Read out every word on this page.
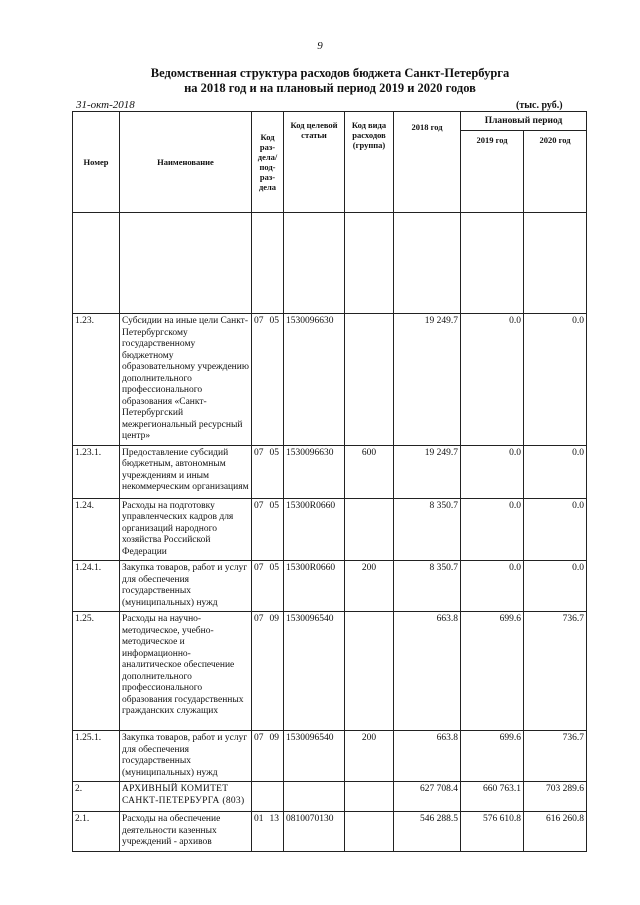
9
Ведомственная структура расходов бюджета Санкт-Петербурга
на 2018 год и на плановый период 2019 и 2020 годов
31-окт-2018	(тыс. руб.)
Номер	Наименование	Код раз- дела/ под- раз- дела	Код целевой статьи	Код вида расходов (группа)	2018 год	Плановый период	
						2019 год	2020 год

1.23.	Субсидии на иные цели Санкт-Петербургскому государственному бюджетному образовательному учреждению дополнительного профессионального образования «Санкт-Петербургский межрегиональный ресурсный центр»	07 05	1530096630		19 249.7	0.0	0.0
1.23.1.	Предоставление субсидий бюджетным, автономным учреждениям и иным некоммерческим организациям	07 05	1530096630	600	19 249.7	0.0	0.0
1.24.	Расходы на подготовку управленческих кадров для организаций народного хозяйства Российской Федерации	07 05	15300R0660		8 350.7	0.0	0.0
1.24.1.	Закупка товаров, работ и услуг для обеспечения государственных (муниципальных) нужд	07 05	15300R0660	200	8 350.7	0.0	0.0
1.25.	Расходы на научно-методическое, учебно-методическое и информационно-аналитическое обеспечение дополнительного профессионального образования государственных гражданских служащих	07 09	1530096540		663.8	699.6	736.7
1.25.1.	Закупка товаров, работ и услуг для обеспечения государственных (муниципальных) нужд	07 09	1530096540	200	663.8	699.6	736.7
2.	АРХИВНЫЙ КОМИТЕТ САНКТ-ПЕТЕРБУРГА (803)				627 708.4	660 763.1	703 289.6
2.1.	Расходы на обеспечение деятельности казенных учреждений - архивов	01 13	0810070130		546 288.5	576 610.8	616 260.8
